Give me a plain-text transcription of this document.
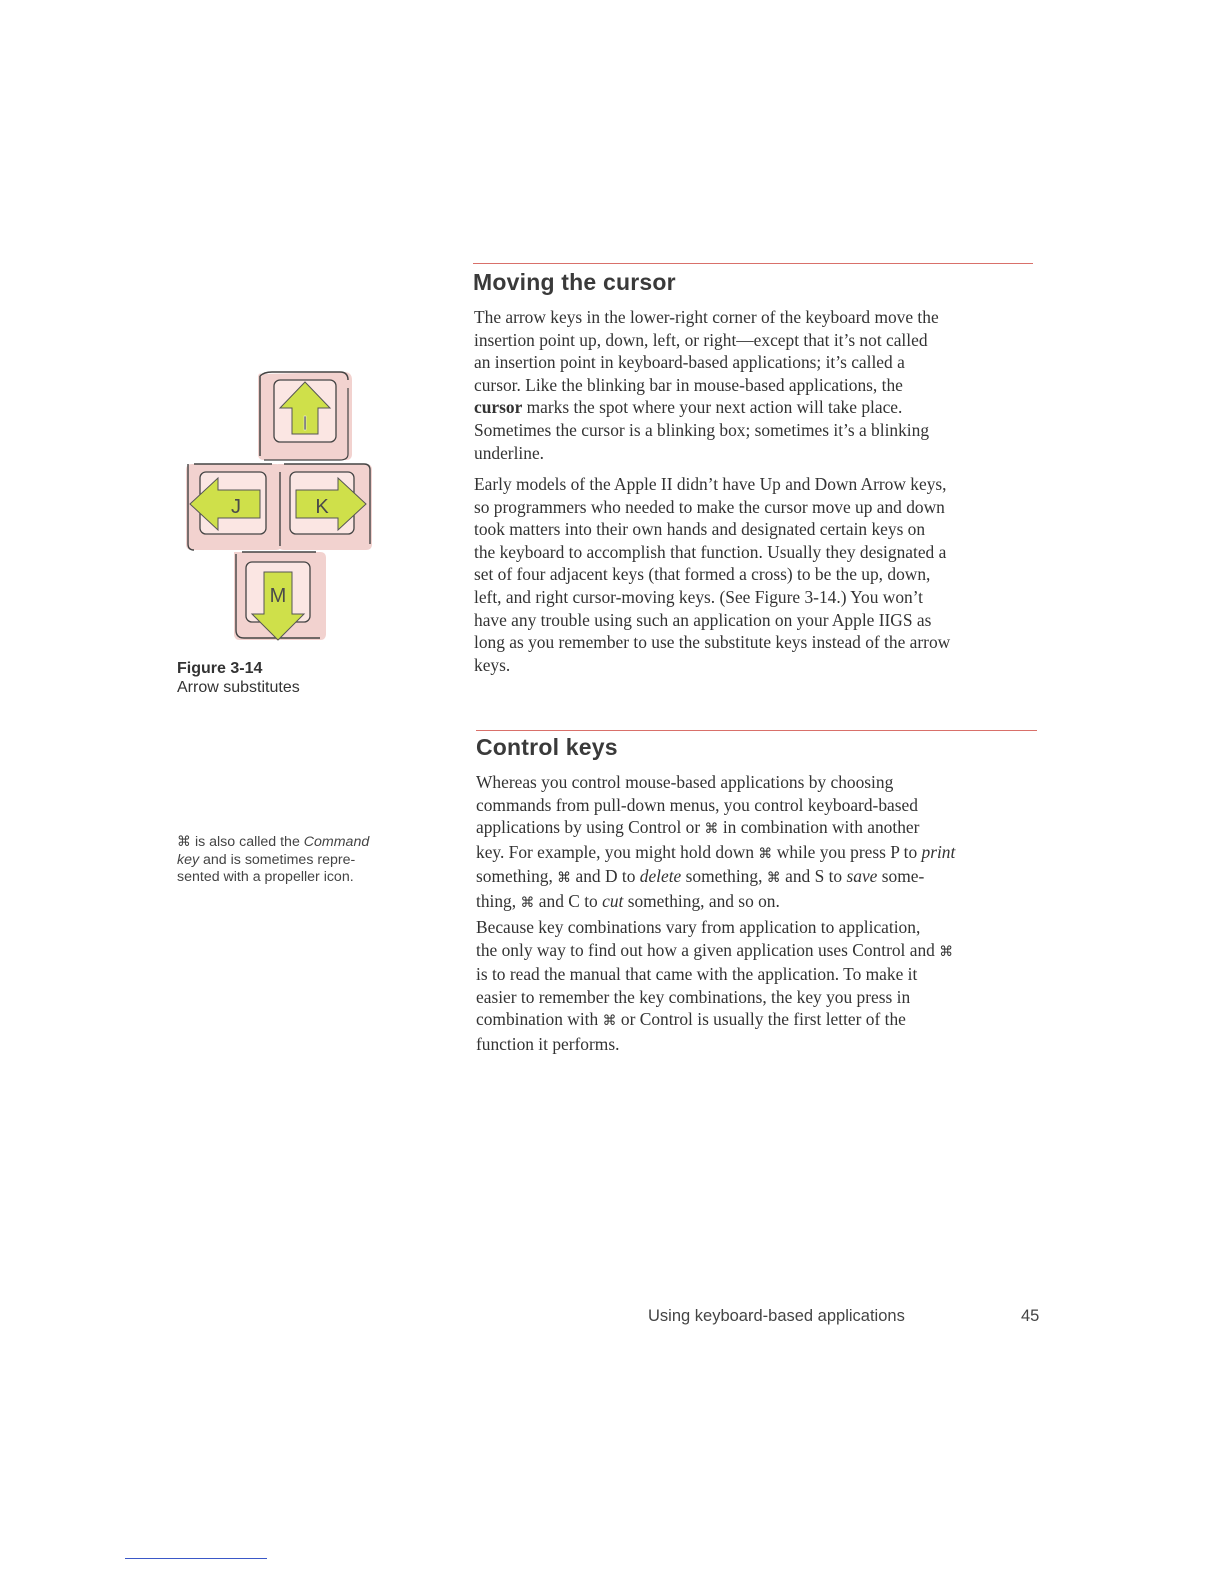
Moving the cursor
The arrow keys in the lower-right corner of the keyboard move the
insertion point up, down, left, or right—except that it’s not called
an insertion point in keyboard-based applications; it’s called a
cursor. Like the blinking bar in mouse-based applications, the
cursor marks the spot where your next action will take place.
Sometimes the cursor is a blinking box; sometimes it’s a blinking
underline.
Early models of the Apple II didn’t have Up and Down Arrow keys,
so programmers who needed to make the cursor move up and down
took matters into their own hands and designated certain keys on
the keyboard to accomplish that function. Usually they designated a
set of four adjacent keys (that formed a cross) to be the up, down,
left, and right cursor-moving keys. (See Figure 3-14.) You won’t
have any trouble using such an application on your Apple IIGS as
long as you remember to use the substitute keys instead of the arrow
keys.
I
J	K
M
Figure 3-14
Arrow substitutes
⌘ is also called the Command
key and is sometimes repre-
sented with a propeller icon.
Control keys
Whereas you control mouse-based applications by choosing
commands from pull-down menus, you control keyboard-based
applications by using Control or ⌘ in combination with another
key. For example, you might hold down ⌘ while you press P to print
something, ⌘ and D to delete something, ⌘ and S to save some-
thing, ⌘ and C to cut something, and so on.
Because key combinations vary from application to application,
the only way to find out how a given application uses Control and ⌘
is to read the manual that came with the application. To make it
easier to remember the key combinations, the key you press in
combination with ⌘ or Control is usually the first letter of the
function it performs.
Using keyboard-based applications	45
